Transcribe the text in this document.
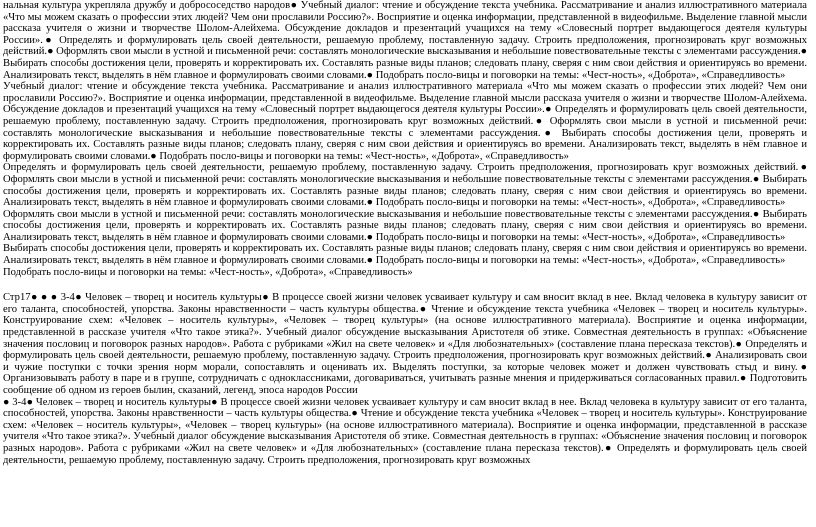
нальная культура укрепляла дружбу и добрососедство народов● Учебный диалог: чтение и обсуждение текста учебника. Рассматривание и анализ иллюстративного материала «Что мы можем сказать о профессии этих людей? Чем они прославили Россию?». Восприятие и оценка информации, представленной в видеофильме. Выделение главной мысли рассказа учителя о жизни и творчестве Шолом-Алейхема. Обсуждение докладов и презентаций учащихся на тему «Словесный портрет выдающегося деятеля культуры России».● Определять и формулировать цель своей деятельности, решаемую проблему, поставленную задачу. Строить предположения, прогнозировать круг возможных действий.● Оформлять свои мысли в устной и письменной речи: составлять монологические высказывания и небольшие повествовательные тексты с элементами рассуждения.● Выбирать способы достижения цели, проверять и корректировать их. Составлять разные виды планов; следовать плану, сверяя с ним свои действия и ориентируясь во времени. Анализировать текст, выделять в нём главное и формулировать своими словами.● Подобрать посло-вицы и поговорки на темы: «Чест-ность», «Доброта», «Справедливость»

Учебный диалог: чтение и обсуждение текста учебника. Рассматривание и анализ иллюстративного материала «Что мы можем сказать о профессии этих людей? Чем они прославили Россию?». Восприятие и оценка информации, представленной в видеофильме. Выделение главной мысли рассказа учителя о жизни и творчестве Шолом-Алейхема. Обсуждение докладов и презентаций учащихся на тему «Словесный портрет выдающегося деятеля культуры России».● Определять и формулировать цель своей деятельности, решаемую проблему, поставленную задачу. Строить предположения, прогнозировать круг возможных действий.● Оформлять свои мысли в устной и письменной речи: составлять монологические высказывания и небольшие повествовательные тексты с элементами рассуждения.● Выбирать способы достижения цели, проверять и корректировать их. Составлять разные виды планов; следовать плану, сверяя с ним свои действия и ориентируясь во времени. Анализировать текст, выделять в нём главное и формулировать своими словами.● Подобрать посло-вицы и поговорки на темы: «Чест-ность», «Доброта», «Справедливость»

Определять и формулировать цель своей деятельности, решаемую проблему, поставленную задачу. Строить предположения, прогнозировать круг возможных действий.● Оформлять свои мысли в устной и письменной речи: составлять монологические высказывания и небольшие повествовательные тексты с элементами рассуждения.● Выбирать способы достижения цели, проверять и корректировать их. Составлять разные виды планов; следовать плану, сверяя с ним свои действия и ориентируясь во времени. Анализировать текст, выделять в нём главное и формулировать своими словами.● Подобрать посло-вицы и поговорки на темы: «Чест-ность», «Доброта», «Справедливость»

Оформлять свои мысли в устной и письменной речи: составлять монологические высказывания и небольшие повествовательные тексты с элементами рассуждения.● Выбирать способы достижения цели, проверять и корректировать их. Составлять разные виды планов; следовать плану, сверяя с ним свои действия и ориентируясь во времени. Анализировать текст, выделять в нём главное и формулировать своими словами.● Подобрать посло-вицы и поговорки на темы: «Чест-ность», «Доброта», «Справедливость»

Выбирать способы достижения цели, проверять и корректировать их. Составлять разные виды планов; следовать плану, сверяя с ним свои действия и ориентируясь во времени. Анализировать текст, выделять в нём главное и формулировать своими словами.● Подобрать посло-вицы и поговорки на темы: «Чест-ность», «Доброта», «Справедливость»

Подобрать посло-вицы и поговорки на темы: «Чест-ность», «Доброта», «Справедливость»

Стр17● ● ● 3-4● Человек – творец и носитель культуры● В процессе своей жизни человек усваивает культуру и сам вносит вклад в нее. Вклад человека в культуру зависит от его таланта, способностей, упорства. Законы нравственности – часть культуры общества.● Чтение и обсуждение текста учебника «Человек – творец и носитель культуры». Конструирование схем: «Человек – носитель культуры», «Человек – творец культуры» (на основе иллюстративного материала). Восприятие и оценка информации, представленной в рассказе учителя «Что такое этика?». Учебный диалог обсуждение высказывания Аристотеля об этике. Совместная деятельность в группах: «Объяснение значения пословиц и поговорок разных народов». Работа с рубриками «Жил на свете человек» и «Для любознательных» (составление плана пересказа текстов).● Определять и формулировать цель своей деятельности, решаемую проблему, поставленную задачу. Строить предположения, прогнозировать круг возможных действий.● Анализировать свои и чужие поступки с точки зрения норм морали, сопоставлять и оценивать их. Выделять поступки, за которые человек может и должен чувствовать стыд и вину.● Организовывать работу в паре и в группе, сотрудничать с одноклассниками, договариваться, учитывать разные мнения и придерживаться согласованных правил.● Подготовить сообщение об одном из героев былин, сказаний, легенд, эпоса народов России

● 3-4● Человек – творец и носитель культуры● В процессе своей жизни человек усваивает культуру и сам вносит вклад в нее. Вклад человека в культуру зависит от его таланта, способностей, упорства. Законы нравственности – часть культуры общества.● Чтение и обсуждение текста учебника «Человек – творец и носитель культуры». Конструирование схем: «Человек – носитель культуры», «Человек – творец культуры» (на основе иллюстративного материала). Восприятие и оценка информации, представленной в рассказе учителя «Что такое этика?». Учебный диалог обсуждение высказывания Аристотеля об этике. Совместная деятельность в группах: «Объяснение значения пословиц и поговорок разных народов». Работа с рубриками «Жил на свете человек» и «Для любознательных» (составление плана пересказа текстов).● Определять и формулировать цель своей деятельности, решаемую проблему, поставленную задачу. Строить предположения, прогнозировать круг возможных
